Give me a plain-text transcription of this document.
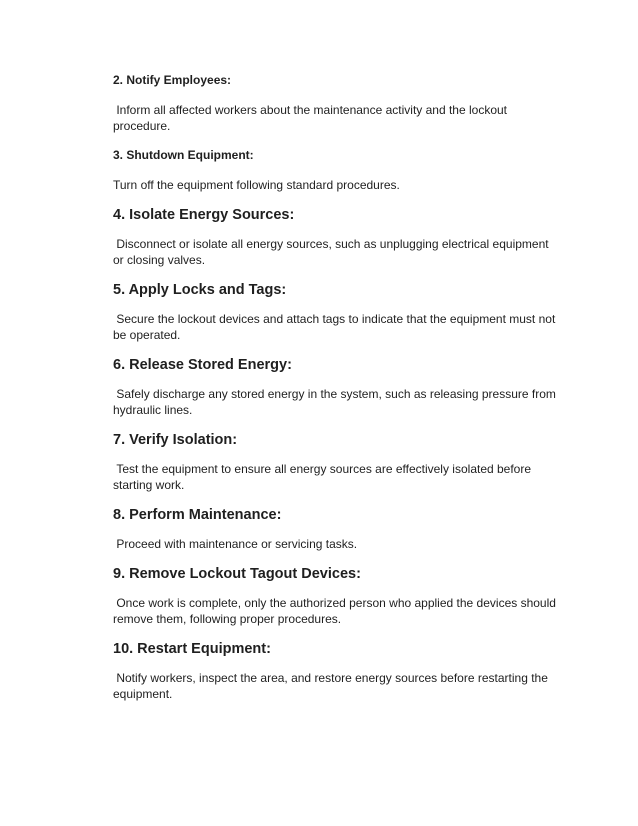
2. Notify Employees:

Inform all affected workers about the maintenance activity and the lockout procedure.

3. Shutdown Equipment:

Turn off the equipment following standard procedures.

4. Isolate Energy Sources:

Disconnect or isolate all energy sources, such as unplugging electrical equipment or closing valves.

5. Apply Locks and Tags:

Secure the lockout devices and attach tags to indicate that the equipment must not be operated.

6. Release Stored Energy:

Safely discharge any stored energy in the system, such as releasing pressure from hydraulic lines.

7. Verify Isolation:

Test the equipment to ensure all energy sources are effectively isolated before starting work.

8. Perform Maintenance:

Proceed with maintenance or servicing tasks.

9. Remove Lockout Tagout Devices:

Once work is complete, only the authorized person who applied the devices should remove them, following proper procedures.

10. Restart Equipment:

Notify workers, inspect the area, and restore energy sources before restarting the equipment.
